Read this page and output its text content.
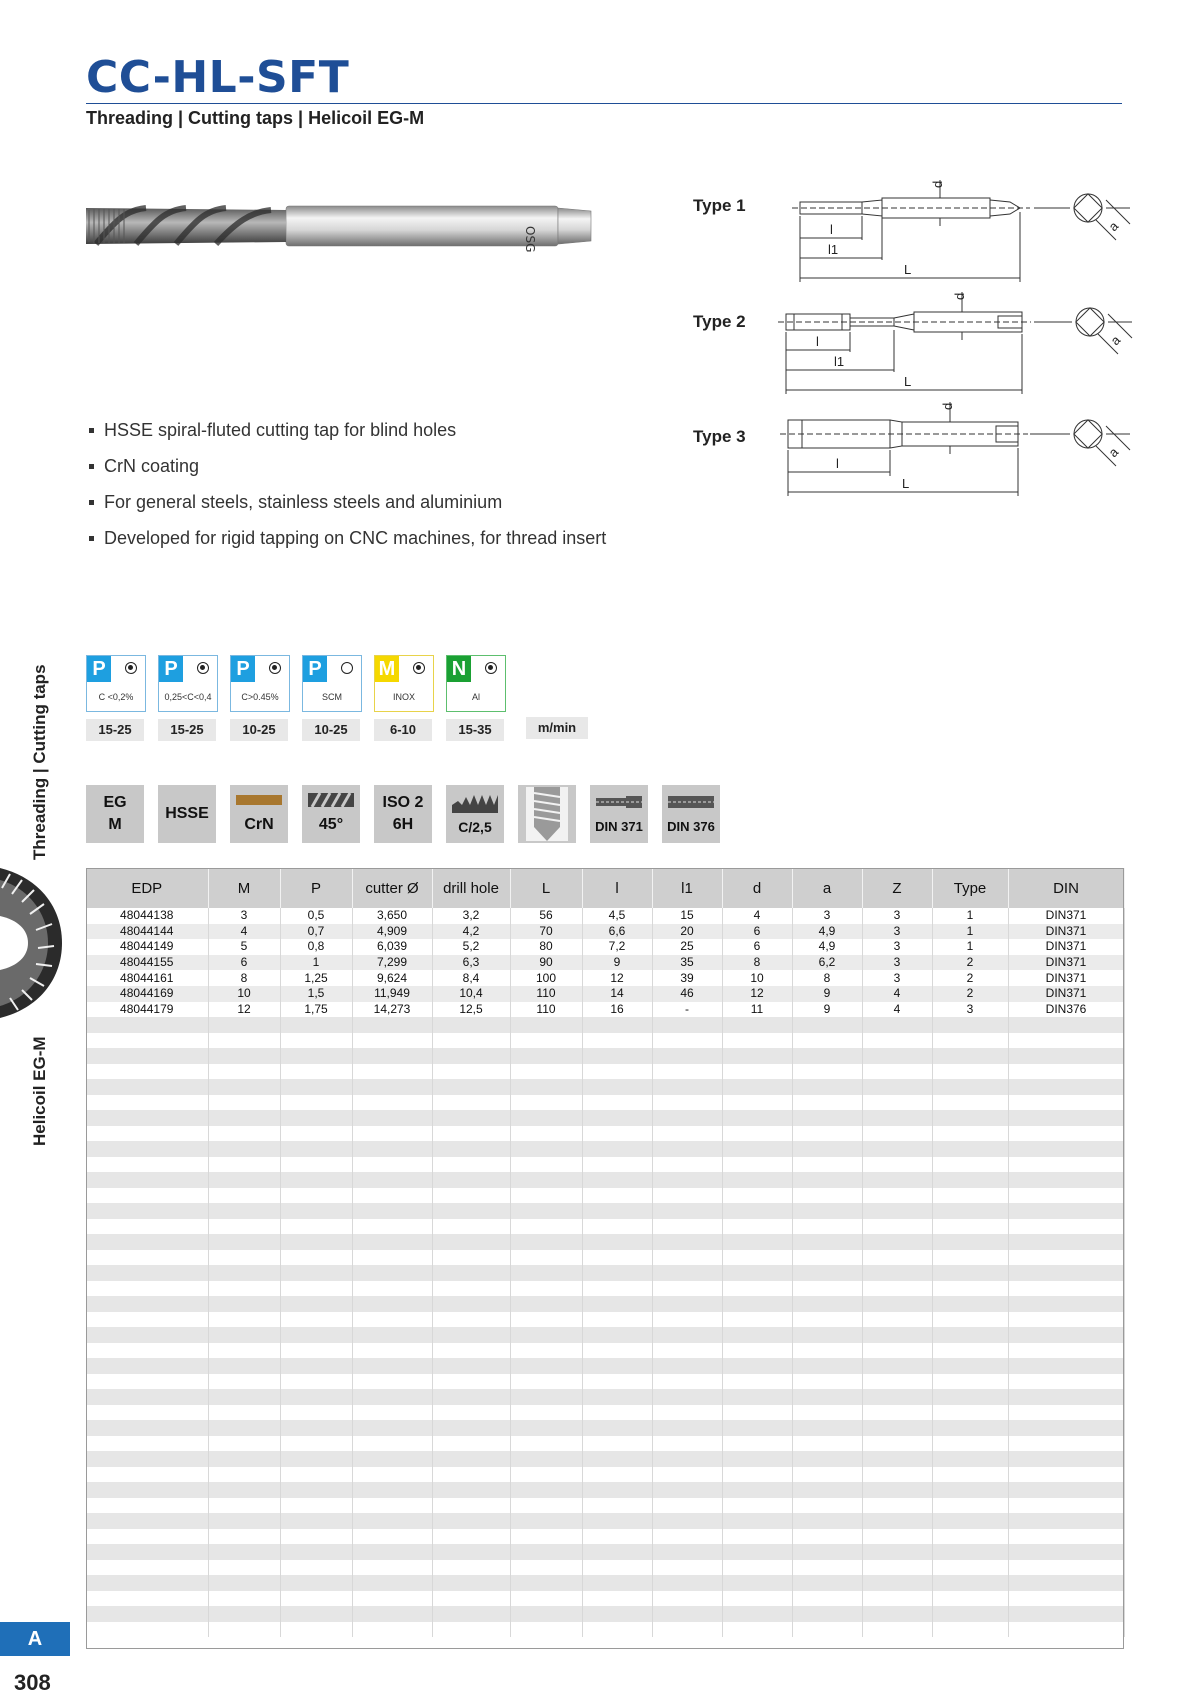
CC-HL-SFT
Threading | Cutting taps | Helicoil EG-M
OSG
Type 1
Type 2
Type 3
d
l
l1
L
a
d
l
l1
L
a
d
l
L
a
HSSE spiral-fluted cutting tap for blind holes
CrN coating
For general steels, stainless steels and aluminium
Developed for rigid tapping on CNC machines, for thread insert
Threading | Cutting taps
Helicoil EG-M
A
308
P
C <0,2%
15-25
P
0,25<C<0,4
15-25
P
C>0.45%
10-25
P
SCM
10-25
M
INOX
6-10
N
Al
15-35	m/min
EG
M
HSSE
CrN	45°
ISO 2
6H	C/2,5	DIN 371	DIN 376
EDP	M	P	cutter Ø	drill hole	L	l	l1	d	a	Z	Type	DIN
48044138	3	0,5	3,650	3,2	56	4,5	15	4	3	3	1	DIN371
48044144	4	0,7	4,909	4,2	70	6,6	20	6	4,9	3	1	DIN371
48044149	5	0,8	6,039	5,2	80	7,2	25	6	4,9	3	1	DIN371
48044155	6	1	7,299	6,3	90	9	35	8	6,2	3	2	DIN371
48044161	8	1,25	9,624	8,4	100	12	39	10	8	3	2	DIN371
48044169	10	1,5	11,949	10,4	110	14	46	12	9	4	2	DIN371
48044179	12	1,75	14,273	12,5	110	16	-	11	9	4	3	DIN376
